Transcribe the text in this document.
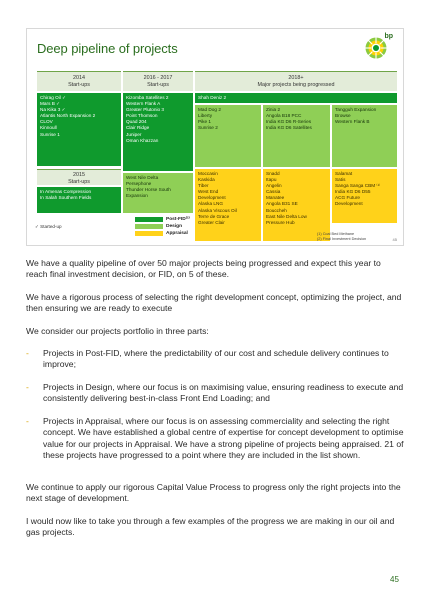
Deep pipeline of projects
bp
2014
Start-ups
2016 - 2017
Start-ups
2018+
Major projects being progressed
Chirag Oil ✓
Mars B ✓
Na Kika 3 ✓
Atlantis North Expansion 2
CLOV
Kinnoull
Sunrise 1
2015
Start-ups
In Amenas Compression
In Salah Southern Fields
Kizomba Satellites 2
Western Flank A
Greater Plutonio 3
Point Thomson
Quad 204
Clair Ridge
Juniper
Oman Khazzan
West Nile Delta
Persephone
Thunder Horse South
Expansion
Shah Deniz 2
Mad Dog 2
Liberty
Pike 1
Sunrise 2
Zinia 2
Angola B18 PCC
India KG D6 R-Series
India KG D6 Satellites
Tangguh Expansion
Browse
Western Flank B
Moccasin
Kaskida
Tiber
West End
Development
Alaska LNG
Alaska Viscous Oil
Terre de Grace
Greater Clair
Snadd
Itapu
Angelin
Cassia
Manatee
Angola B31 SE
Bouccheh
East Nile Delta Low
Pressure Hub
Salamat
Satis
Sanga Sanga CBM ⁽¹⁾
India KG D6 D55
ACG Future
Development
✓ Started-up
Post-FID⁽²⁾
Design
Appraisal	(1) Coal Bed Methane
(2) Final Investment Decision	45

We have a quality pipeline of over 50 major projects being progressed and expect this year to reach final investment decision, or FID, on 5 of these.

We have a rigorous process of selecting the right development concept, optimizing the project, and then ensuring we are ready to execute

We consider our projects portfolio in three parts:

- Projects in Post-FID, where the predictability of our cost and schedule delivery continues to improve;
- Projects in Design, where our focus is on maximising value, ensuring readiness to execute and consistently delivering best-in-class Front End Loading; and
- Projects in Appraisal, where our focus is on assessing commerciality and selecting the right concept. We have established a global centre of expertise for concept development to optimise value for our projects in Appraisal. We have a strong pipeline of projects being appraised. 21 of these projects have progressed to a point where they are included in the list shown.

We continue to apply our rigorous Capital Value Process to progress only the right projects into the next stage of development.

I would now like to take you through a few examples of the progress we are making in our oil and gas projects.

45
